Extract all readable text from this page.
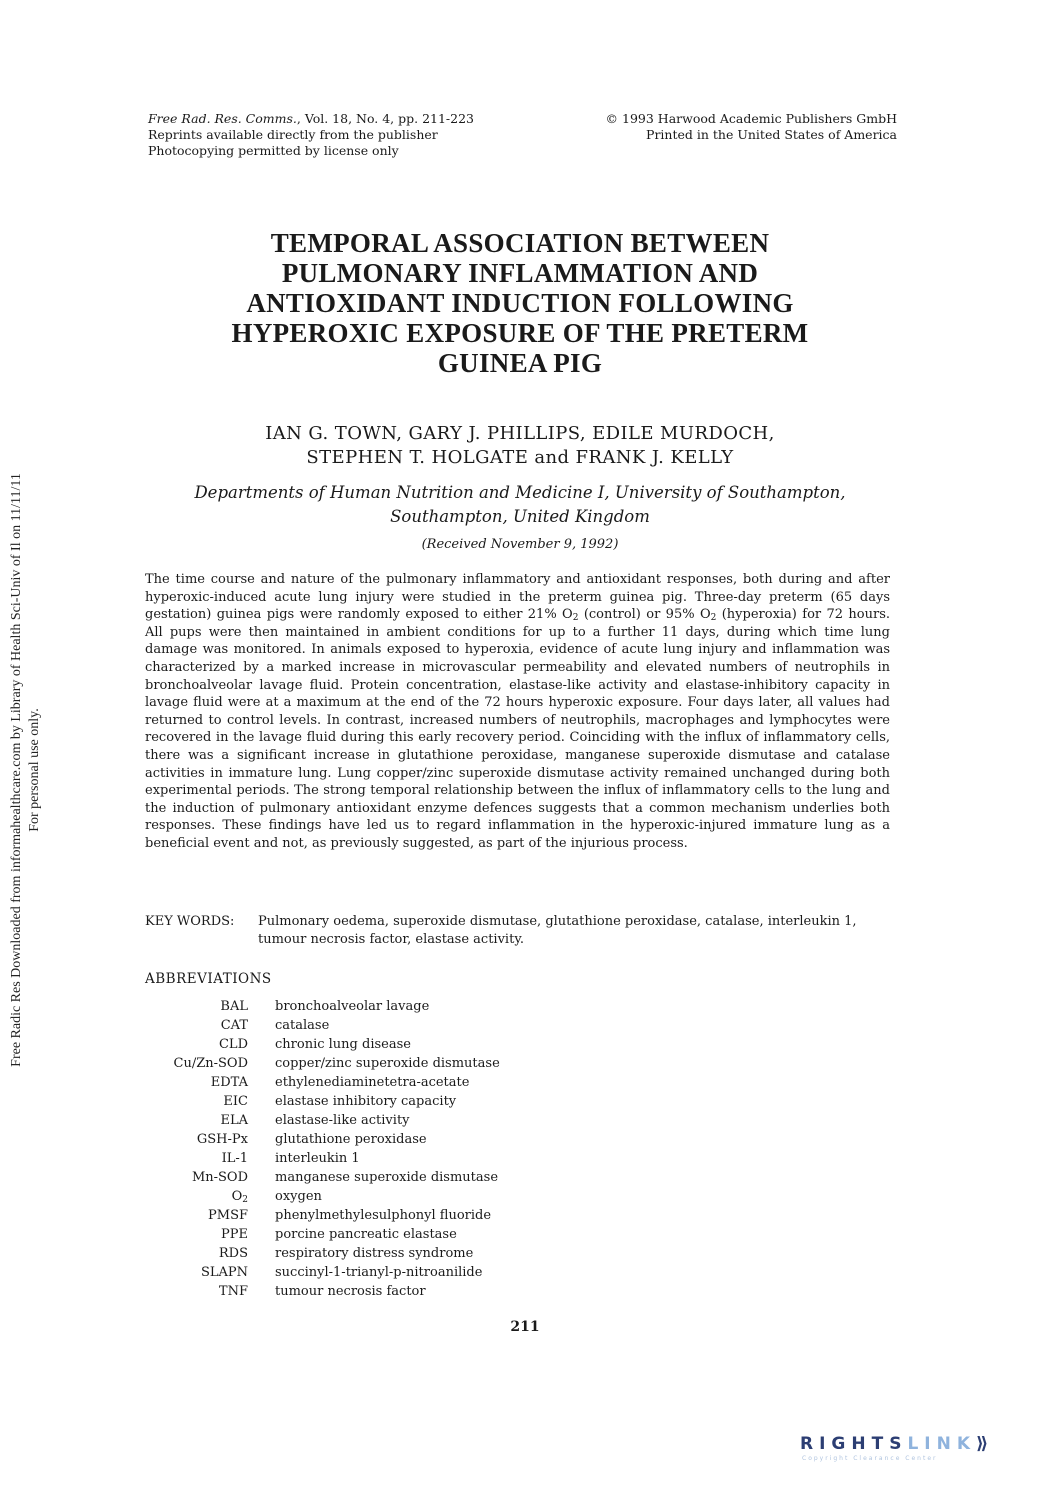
Free Rad. Res. Comms., Vol. 18, No. 4, pp. 211-223
Reprints available directly from the publisher
Photocopying permitted by license only
© 1993 Harwood Academic Publishers GmbH
Printed in the United States of America
TEMPORAL ASSOCIATION BETWEEN
PULMONARY INFLAMMATION AND
ANTIOXIDANT INDUCTION FOLLOWING
HYPEROXIC EXPOSURE OF THE PRETERM
GUINEA PIG
IAN G. TOWN, GARY J. PHILLIPS, EDILE MURDOCH,
STEPHEN T. HOLGATE and FRANK J. KELLY
Departments of Human Nutrition and Medicine I, University of Southampton,
Southampton, United Kingdom
(Received November 9, 1992)
The time course and nature of the pulmonary inflammatory and antioxidant responses, both during and after hyperoxic-induced acute lung injury were studied in the preterm guinea pig. Three-day preterm (65 days gestation) guinea pigs were randomly exposed to either 21% $O_2$ (control) or 95% $O_2$ (hyperoxia) for 72 hours. All pups were then maintained in ambient conditions for up to a further 11 days, during which time lung damage was monitored. In animals exposed to hyperoxia, evidence of acute lung injury and inflammation was characterized by a marked increase in microvascular permeability and elevated numbers of neutrophils in bronchoalveolar lavage fluid. Protein concentration, elastase-like activity and elastase-inhibitory capacity in lavage fluid were at a maximum at the end of the 72 hours hyperoxic exposure. Four days later, all values had returned to control levels. In contrast, increased numbers of neutrophils, macrophages and lymphocytes were recovered in the lavage fluid during this early recovery period. Coinciding with the influx of inflammatory cells, there was a significant increase in glutathione peroxidase, manganese superoxide dismutase and catalase activities in immature lung. Lung copper/zinc superoxide dismutase activity remained unchanged during both experimental periods. The strong temporal relationship between the influx of inflammatory cells to the lung and the induction of pulmonary antioxidant enzyme defences suggests that a common mechanism underlies both responses. These findings have led us to regard inflammation in the hyperoxic-injured immature lung as a beneficial event and not, as previously suggested, as part of the injurious process.
KEY WORDS:	Pulmonary oedema, superoxide dismutase, glutathione peroxidase, catalase, interleukin 1, tumour necrosis factor, elastase activity.
ABBREVIATIONS
BAL	bronchoalveolar lavage
CAT	catalase
CLD	chronic lung disease
Cu/Zn-SOD	copper/zinc superoxide dismutase
EDTA	ethylenediaminetetra-acetate
EIC	elastase inhibitory capacity
ELA	elastase-like activity
GSH-Px	glutathione peroxidase
IL-1	interleukin 1
Mn-SOD	manganese superoxide dismutase
$O_2$	oxygen
PMSF	phenylmethylesulphonyl fluoride
PPE	porcine pancreatic elastase
RDS	respiratory distress syndrome
SLAPN	succinyl-1-trianyl-p-nitroanilide
TNF	tumour necrosis factor
211
Free Radic Res Downloaded from informahealthcare.com by Library of Health Sci-Univ of Il on 11/11/11 For personal use only.
RIGHTSLINK⟫
Copyright Clearance Center
